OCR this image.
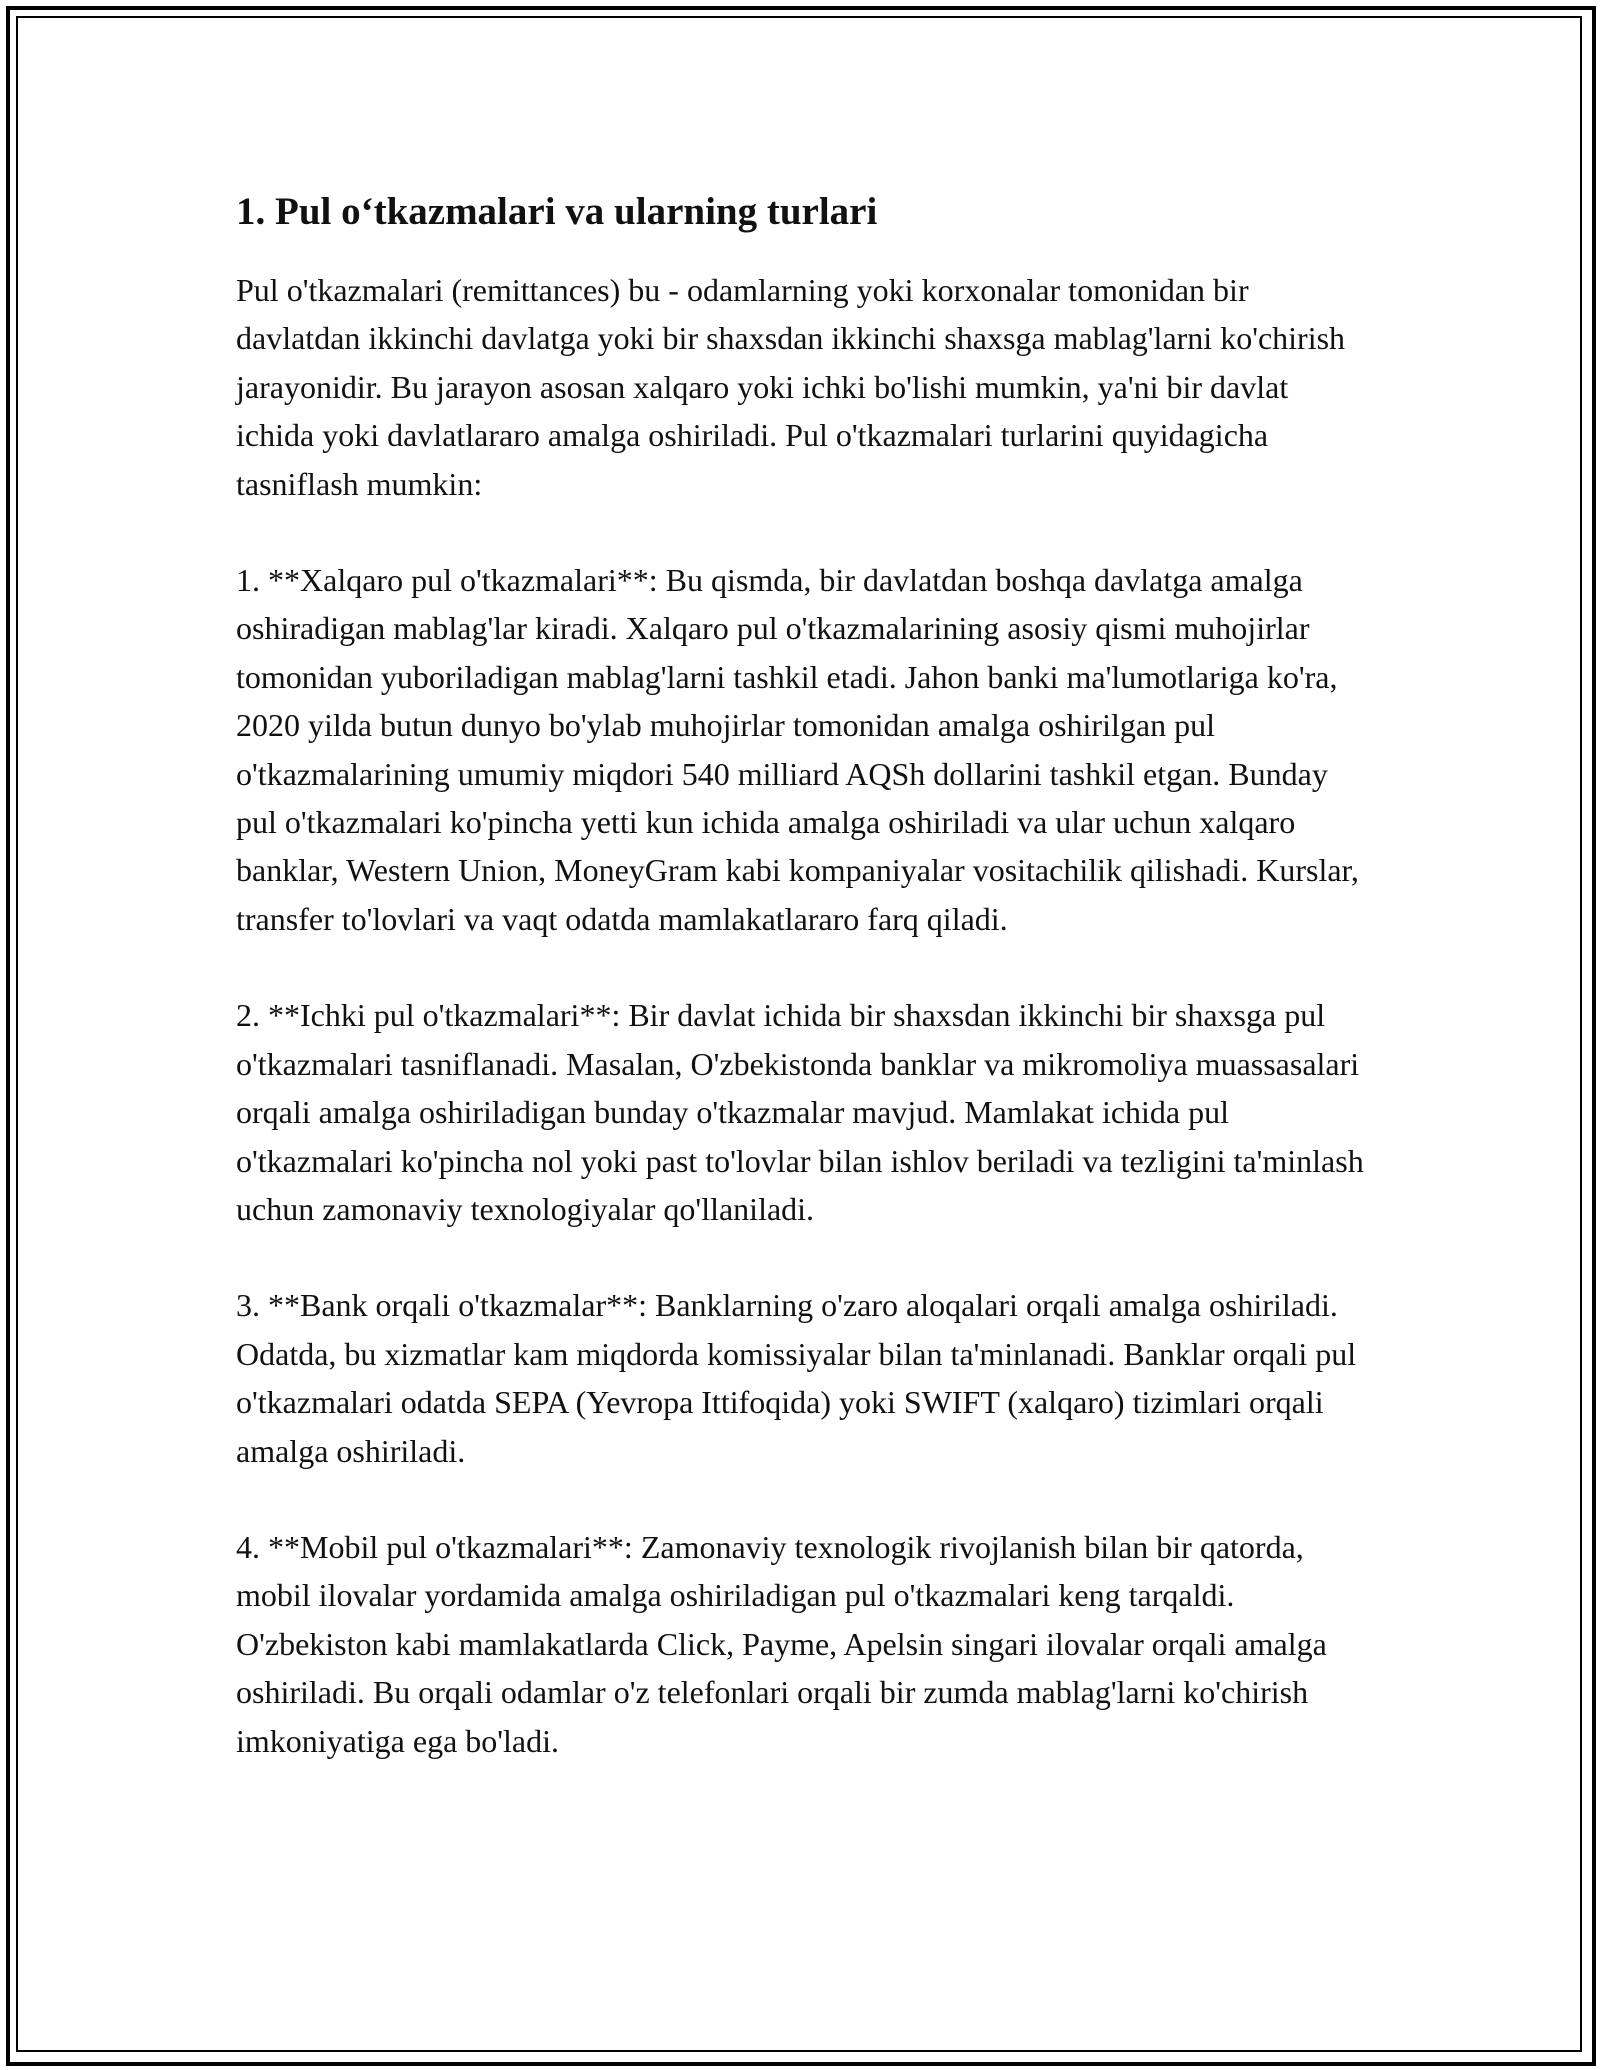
1. Pul o‘tkazmalari va ularning turlari

Pul o'tkazmalari (remittances) bu - odamlarning yoki korxonalar tomonidan bir davlatdan ikkinchi davlatga yoki bir shaxsdan ikkinchi shaxsga mablag'larni ko'chirish jarayonidir. Bu jarayon asosan xalqaro yoki ichki bo'lishi mumkin, ya'ni bir davlat ichida yoki davlatlararo amalga oshiriladi. Pul o'tkazmalari turlarini quyidagicha tasniflash mumkin:

1. **Xalqaro pul o'tkazmalari**: Bu qismda, bir davlatdan boshqa davlatga amalga oshiradigan mablag'lar kiradi. Xalqaro pul o'tkazmalarining asosiy qismi muhojirlar tomonidan yuboriladigan mablag'larni tashkil etadi. Jahon banki ma'lumotlariga ko'ra, 2020 yilda butun dunyo bo'ylab muhojirlar tomonidan amalga oshirilgan pul o'tkazmalarining umumiy miqdori 540 milliard AQSh dollarini tashkil etgan. Bunday pul o'tkazmalari ko'pincha yetti kun ichida amalga oshiriladi va ular uchun xalqaro banklar, Western Union, MoneyGram kabi kompaniyalar vositachilik qilishadi. Kurslar, transfer to'lovlari va vaqt odatda mamlakatlararo farq qiladi.

2. **Ichki pul o'tkazmalari**: Bir davlat ichida bir shaxsdan ikkinchi bir shaxsga pul o'tkazmalari tasniflanadi. Masalan, O'zbekistonda banklar va mikromoliya muassasalari orqali amalga oshiriladigan bunday o'tkazmalar mavjud. Mamlakat ichida pul o'tkazmalari ko'pincha nol yoki past to'lovlar bilan ishlov beriladi va tezligini ta'minlash uchun zamonaviy texnologiyalar qo'llaniladi.

3. **Bank orqali o'tkazmalar**: Banklarning o'zaro aloqalari orqali amalga oshiriladi. Odatda, bu xizmatlar kam miqdorda komissiyalar bilan ta'minlanadi. Banklar orqali pul o'tkazmalari odatda SEPA (Yevropa Ittifoqida) yoki SWIFT (xalqaro) tizimlari orqali amalga oshiriladi.

4. **Mobil pul o'tkazmalari**: Zamonaviy texnologik rivojlanish bilan bir qatorda, mobil ilovalar yordamida amalga oshiriladigan pul o'tkazmalari keng tarqaldi. O'zbekiston kabi mamlakatlarda Click, Payme, Apelsin singari ilovalar orqali amalga oshiriladi. Bu orqali odamlar o'z telefonlari orqali bir zumda mablag'larni ko'chirish imkoniyatiga ega bo'ladi.
